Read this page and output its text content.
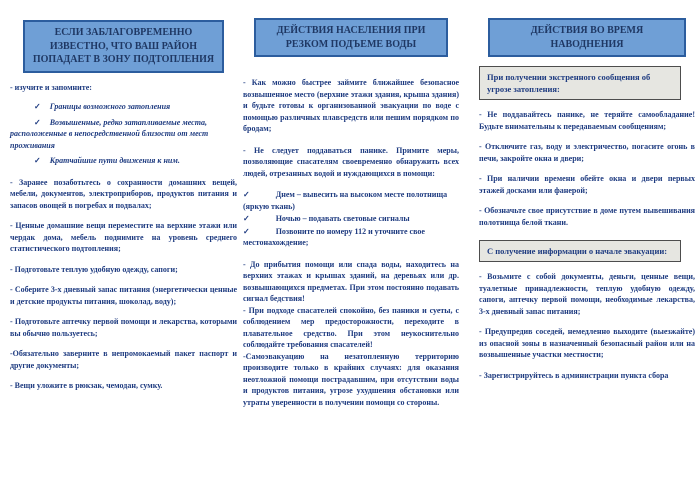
ЕСЛИ ЗАБЛАГОВРЕМЕННО ИЗВЕСТНО, ЧТО ВАШ РАЙОН ПОПАДАЕТ В ЗОНУ ПОДТОПЛЕНИЯ

- изучите и запомните:

✓ Границы возможного затопления

✓ Возвышенные, редко затапливаемые места, расположенные в непосредственной близости от мест проживания

✓ Кратчайшие пути движения к ним.

- Заранее позаботьтесь о сохранности домашних вещей, мебели, документов, электроприборов, продуктов питания и запасов овощей в погребах и подвалах;

- Ценные домашние вещи переместите на верхние этажи или чердак дома, мебель поднимите на уровень среднего статистического подтопления;

- Подготовьте теплую удобную одежду, сапоги;

- Соберите 3-х дневный запас питания (энергетически ценные и детские продукты питания, шоколад, воду);

- Подготовьте аптечку первой помощи и лекарства, которыми вы обычно пользуетесь;

-Обязательно заверните в непромокаемый пакет паспорт и другие документы;

- Вещи уложите в рюкзак, чемодан, сумку.

ДЕЙСТВИЯ НАСЕЛЕНИЯ ПРИ РЕЗКОМ ПОДЪЕМЕ ВОДЫ

- Как можно быстрее займите ближайшее безопасное возвышенное место (верхние этажи здания, крыша здания) и будьте готовы к организованной эвакуации по воде с помощью различных плавсредств или пешим порядком по бродам;

- Не следует поддаваться панике. Примите меры, позволяющие спасателям своевременно обнаружить всех людей, отрезанных водой и нуждающихся в помощи:

✓	Днем – вывесить на высоком месте полотнища (яркую ткань)

✓	Ночью – подавать световые сигналы

✓	Позвоните по номеру 112 и уточните свое местонахождение;

- До прибытия помощи или спада воды, находитесь на верхних этажах и крышах зданий, на деревьях или др. возвышающихся предметах. При этом постоянно подавать сигнал бедствия!

- При подходе спасателей спокойно, без паники и суеты, с соблюдением мер предосторожности, переходите в плавательное средство. При этом неукоснительно соблюдайте требования спасателей!

-Самоэвакуацию на незатопленную территорию производите только в крайних случаях: для оказания неотложной помощи пострадавшим, при отсутствии воды и продуктов питания, угрозе ухудшения обстановки или утраты уверенности в получении помощи со стороны.

ДЕЙСТВИЯ ВО ВРЕМЯ НАВОДНЕНИЯ
При получении экстренного сообщения об угрозе затопления:

- Не поддавайтесь панике, не теряйте самообладание! Будьте внимательны к передаваемым сообщениям;

- Отключите газ, воду и электричество, погасите огонь в печи, закройте окна и двери;

- При наличии времени обейте окна и двери первых этажей досками или фанерой;

- Обозначьте свое присутствие в доме путем вывешивания полотнища белой ткани.

С получение информации о начале эвакуации:

- Возьмите с собой документы, деньги, ценные вещи, туалетные принадлежности, теплую удобную одежду, сапоги, аптечку первой помощи, необходимые лекарства, 3-х дневный запас питания;

- Предупредив соседей, немедленно выходите (выезжайте) из опасной зоны в назначенный безопасный район или на возвышенные участки местности;

- Зарегистрируйтесь в администрации пункта сбора
